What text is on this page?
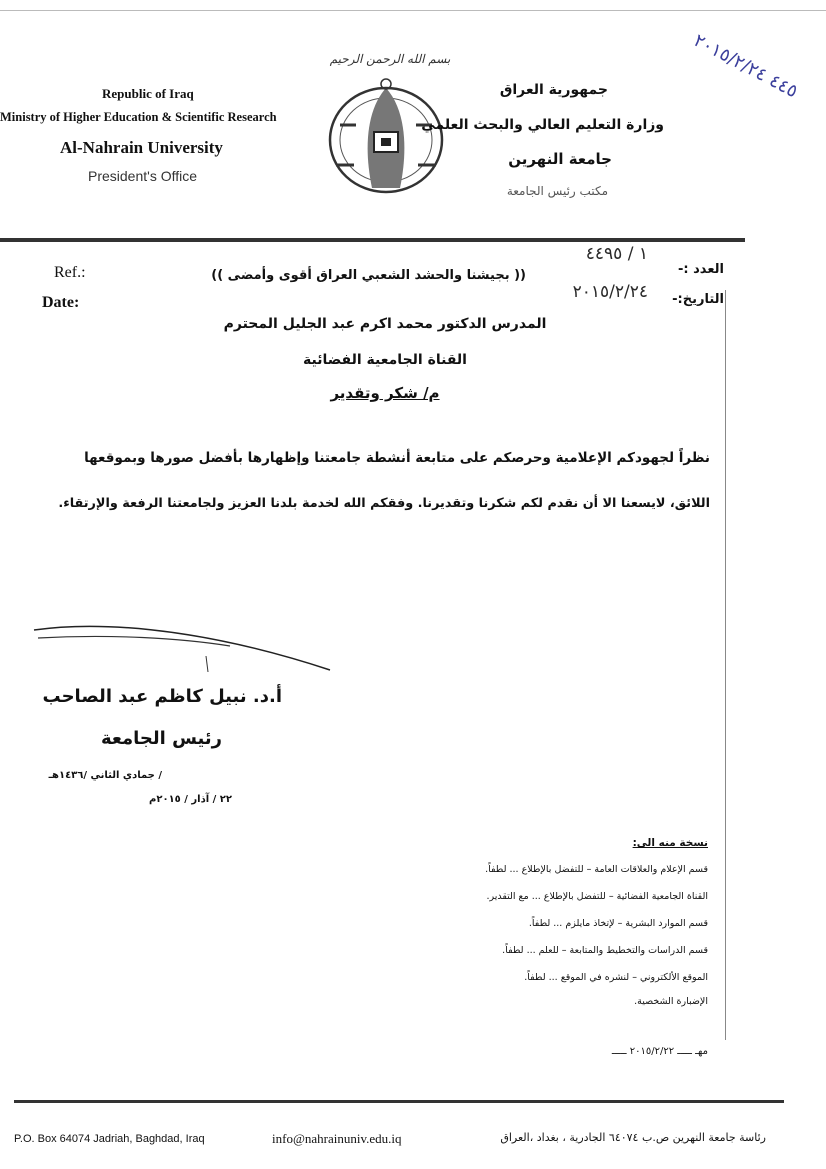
٤٤٥ ٢٠١٥/٢/٢٤
بسم الله الرحمن الرحيم
Republic of Iraq
Ministry of Higher Education & Scientific Research
Al-Nahrain University
President's Office
جمهورية العراق
وزارة التعليم العالي والبحث العلمي
جامعة النهرين
مكتب رئيس الجامعة
Ref.:
Date:
(( بجيشنا والحشد الشعبي العراق أقوى وأمضى ))	العدد :-
١ / ٤٤٩٥
التاريخ:-
٢٠١٥/٢/٢٤
المدرس الدكتور محمد اكرم عبد الجليل المحترم
القناة الجامعية الفضائية
م/ شكر وتقدير
نظراً لجهودكم الإعلامية وحرصكم على متابعة أنشطة جامعتنا وإظهارها بأفضل صورها وبموقعها
اللائق، لايسعنا الا أن نقدم لكم شكرنا وتقديرنا. وفقكم الله لخدمة بلدنا العزيز ولجامعتنا الرفعة والإرتقاء.
أ.د. نبيل كاظم عبد الصاحب
رئيس الجامعة
/ جمادي الثاني /١٤٣٦هـ
٢٢ / آذار / ٢٠١٥م
نسخة منه الى:
قسم الإعلام والعلاقات العامة – للتفضل بالإطلاع ... لطفاً.
القناة الجامعية الفضائية – للتفضل بالإطلاع ... مع التقدير.
قسم الموارد البشرية – لإتخاذ مايلزم ... لطفاً.
قسم الدراسات والتخطيط والمتابعة – للعلم ... لطفاً.
الموقع الألكتروني – لنشره في الموقع ... لطفاً.
الإضبارة الشخصية.
مهـ ـــــ ٢٠١٥/٢/٢٢ ـــــ
P.O. Box 64074 Jadriah, Baghdad, Iraq	info@nahrainuniv.edu.iq	رئاسة جامعة النهرين ص.ب ٦٤٠٧٤ الجادرية ، بغداد ،العراق
